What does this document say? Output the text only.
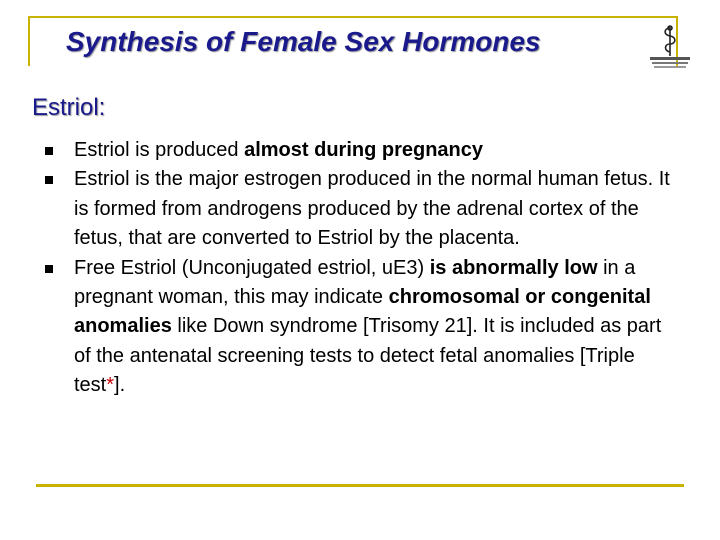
Synthesis of Female Sex Hormones
Estriol:
Estriol is produced almost during pregnancy
Estriol is the major estrogen produced in the normal human fetus. It is formed from androgens produced by the adrenal cortex of the fetus, that are converted to Estriol by the placenta.
Free Estriol (Unconjugated estriol, uE3) is abnormally low in a pregnant woman, this may indicate chromosomal or congenital anomalies like Down syndrome [Trisomy 21]. It is included as part of the antenatal screening tests to detect fetal anomalies [Triple test*].
